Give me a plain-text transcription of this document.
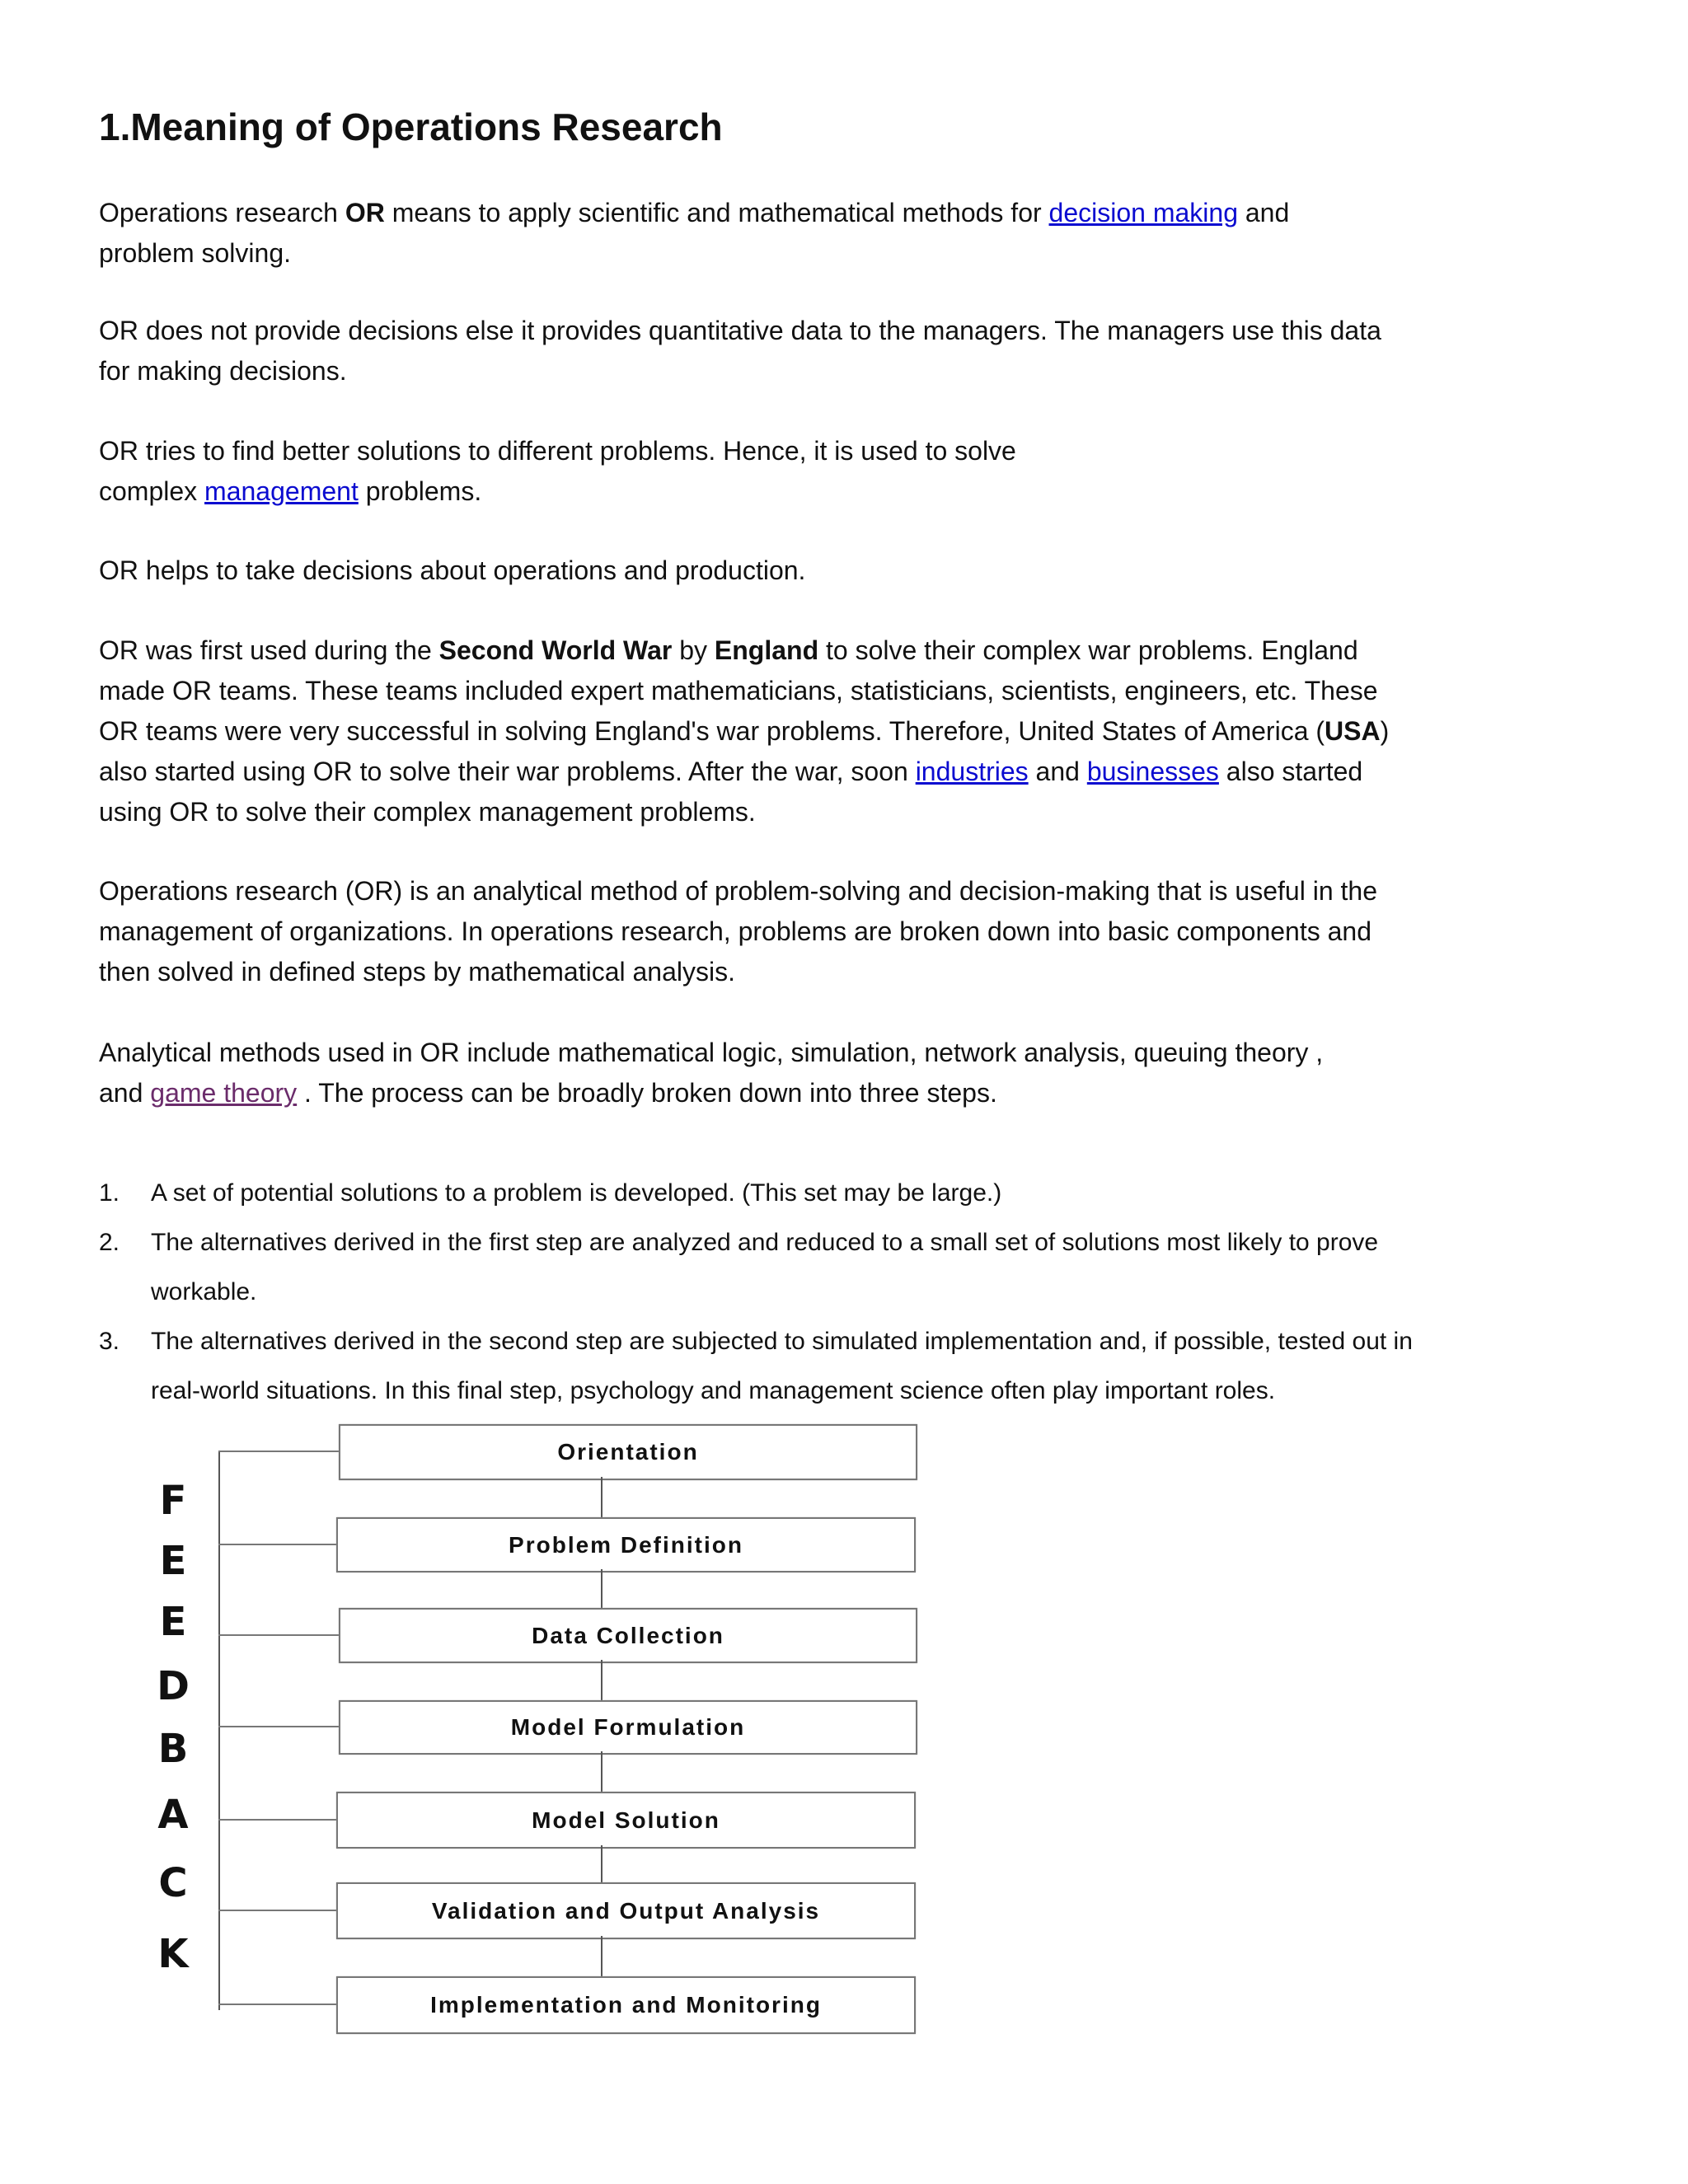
1.Meaning of Operations Research
Operations research OR means to apply scientific and mathematical methods for decision making and
problem solving.
OR does not provide decisions else it provides quantitative data to the managers. The managers use this data
for making decisions.
OR tries to find better solutions to different problems. Hence, it is used to solve
complex management problems.
OR helps to take decisions about operations and production.
OR was first used during the Second World War by England to solve their complex war problems. England
made OR teams. These teams included expert mathematicians, statisticians, scientists, engineers, etc. These
OR teams were very successful in solving England's war problems. Therefore, United States of America (USA)
also started using OR to solve their war problems. After the war, soon industries and businesses also started
using OR to solve their complex management problems.
Operations research (OR) is an analytical method of problem-solving and decision-making that is useful in the
management of organizations. In operations research, problems are broken down into basic components and
then solved in defined steps by mathematical analysis.
Analytical methods used in OR include mathematical logic, simulation, network analysis, queuing theory ,
and game theory . The process can be broadly broken down into three steps.
1. A set of potential solutions to a problem is developed. (This set may be large.)
2. The alternatives derived in the first step are analyzed and reduced to a small set of solutions most likely to prove
workable.
3. The alternatives derived in the second step are subjected to simulated implementation and, if possible, tested out in
real-world situations. In this final step, psychology and management science often play important roles.
Orientation
Problem Definition
Data Collection
Model Formulation
Model Solution
Validation and Output Analysis
Implementation and Monitoring
F
E
E
D
B
A
C
K
